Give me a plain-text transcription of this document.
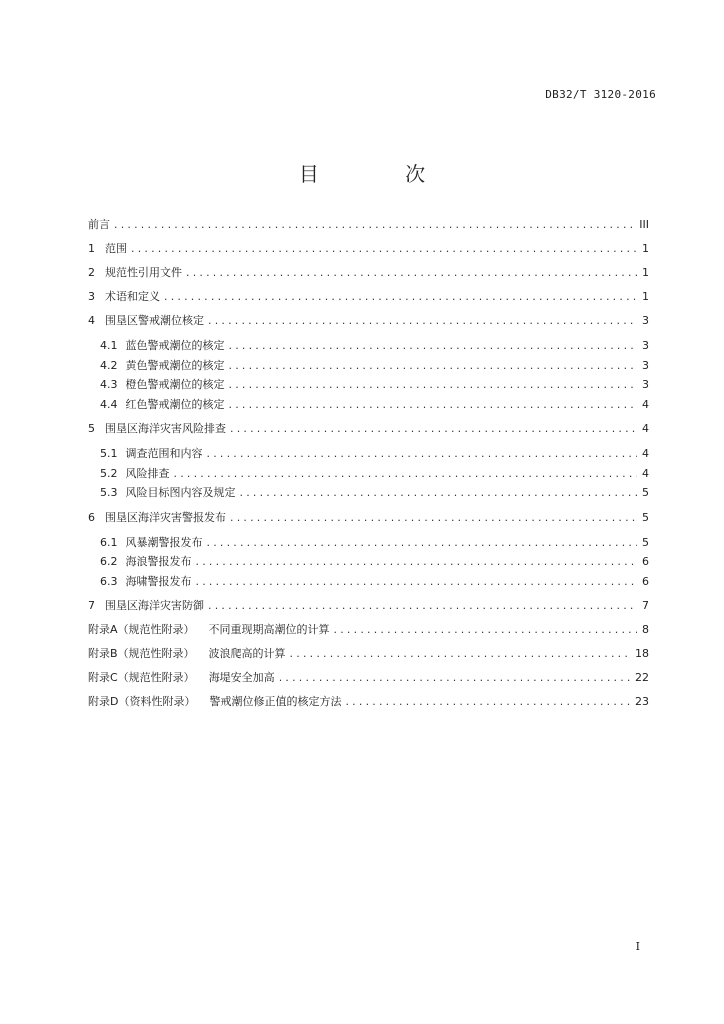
DB32/T 3120-2016
目 次
前言 .....	III
1 范围 .....	1
2 规范性引用文件 .....	1
3 术语和定义 .....	1
4 围垦区警戒潮位核定 .....	3
4.1 蓝色警戒潮位的核定 .....	3
4.2 黄色警戒潮位的核定 .....	3
4.3 橙色警戒潮位的核定 .....	3
4.4 红色警戒潮位的核定 .....	4
5 围垦区海洋灾害风险排查 .....	4
5.1 调查范围和内容 .....	4
5.2 风险排查 .....	4
5.3 风险目标图内容及规定 .....	5
6 围垦区海洋灾害警报发布 .....	5
6.1 风暴潮警报发布 .....	5
6.2 海浪警报发布 .....	6
6.3 海啸警报发布 .....	6
7 围垦区海洋灾害防御 .....	7
附录A（规范性附录） 不同重现期高潮位的计算 .....	8
附录B（规范性附录） 波浪爬高的计算 .....	18
附录C（规范性附录） 海堤安全加高 .....	22
附录D（资料性附录） 警戒潮位修正值的核定方法 .....	23
I
